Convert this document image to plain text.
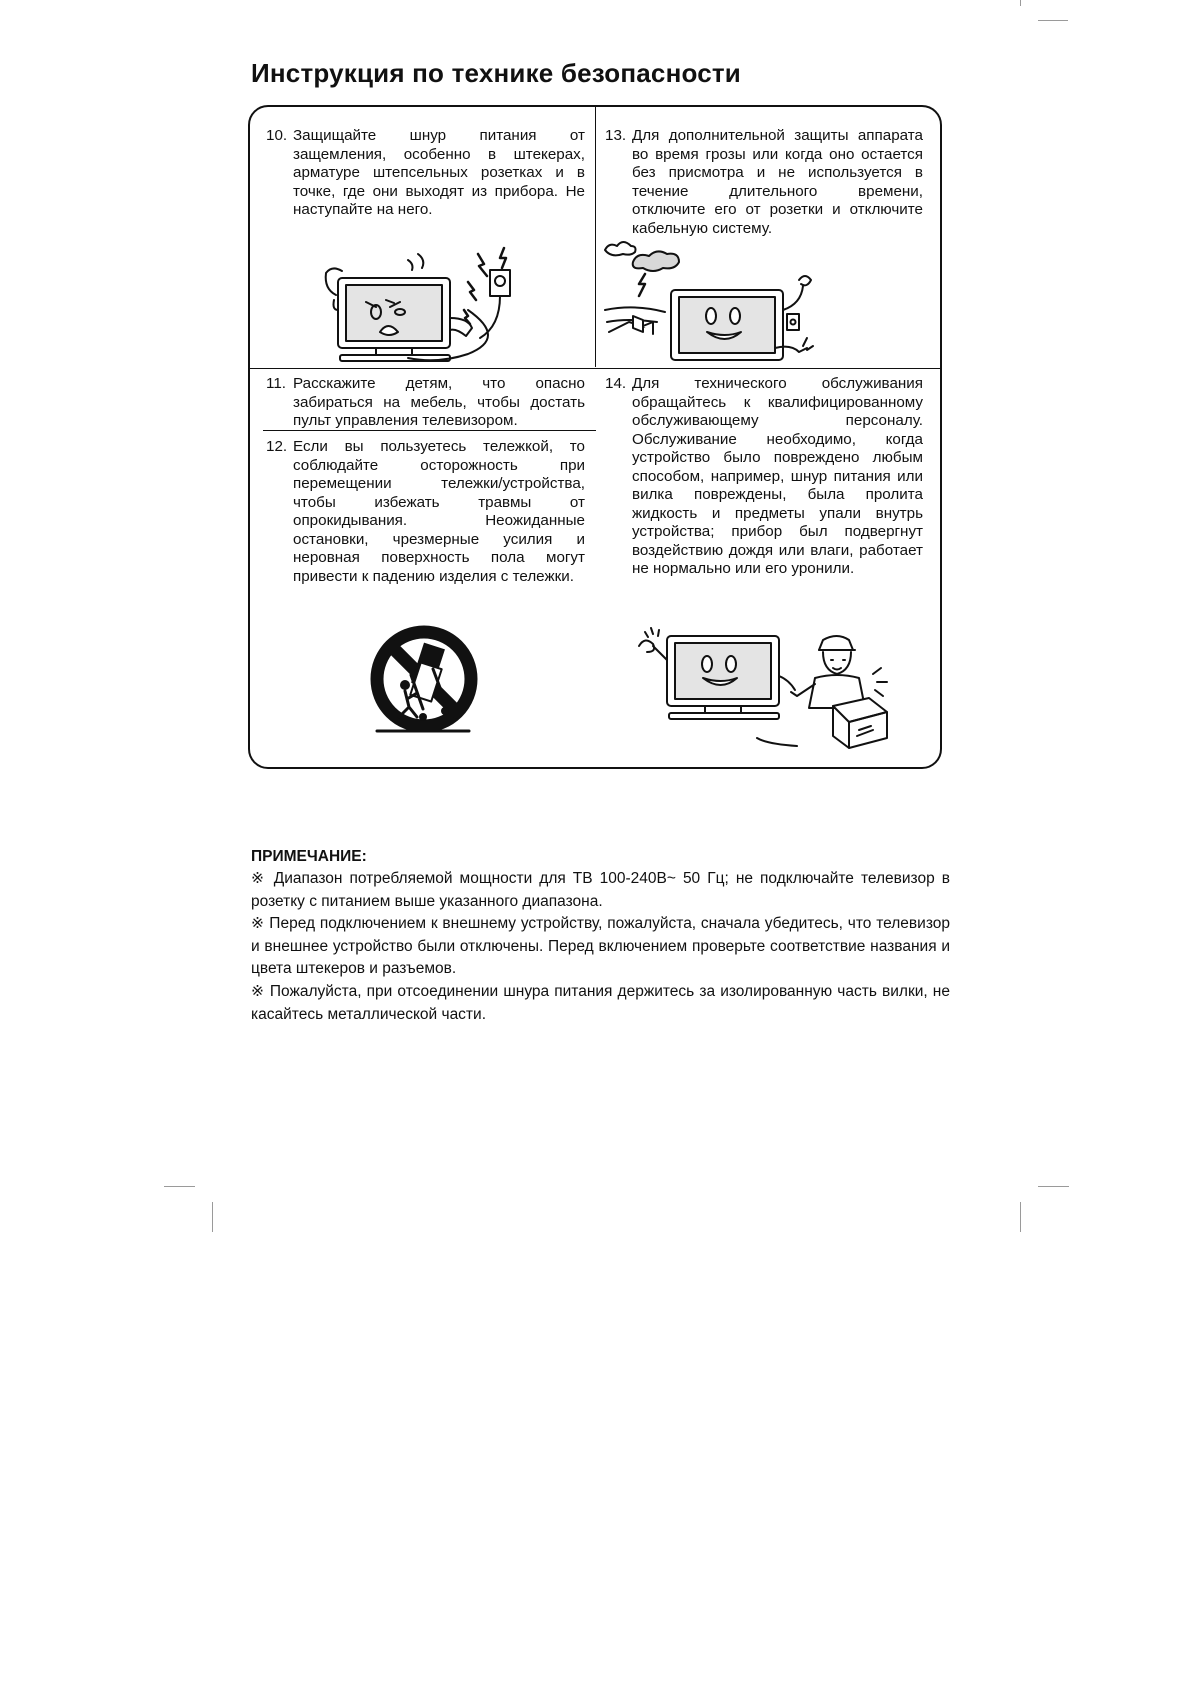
Инструкция по технике безопасности
10. Защищайте шнур питания от защемления, особенно в штекерах, арматуре штепсельных розетках и в точке, где они выходят из прибора. Не наступайте на него.
13. Для дополнительной защиты аппарата во время грозы или когда оно остается без присмотра и не используется в течение длительного времени, отключите его от розетки и отключите кабельную систему.
11. Расскажите детям, что опасно забираться на мебель, чтобы достать пульт управления телевизором.
12. Если вы пользуетесь тележкой, то соблюдайте осторожность при перемещении тележки/устройства, чтобы избежать травмы от опрокидывания. Неожиданные остановки, чрезмерные усилия и неровная поверхность пола могут привести к падению изделия с тележки.
14. Для технического обслуживания обращайтесь к квалифицированному обслуживающему персоналу. Обслуживание необходимо, когда устройство было повреждено любым способом, например, шнур питания или вилка повреждены, была пролита жидкость и предметы упали внутрь устройства; прибор был подвергнут воздействию дождя или влаги, работает не нормально или его уронили.
ПРИМЕЧАНИЕ:
※ Диапазон потребляемой мощности для ТВ 100-240В~ 50 Гц; не подключайте телевизор в розетку с питанием выше указанного диапазона.
※ Перед подключением к внешнему устройству, пожалуйста, сначала убедитесь, что телевизор и внешнее устройство были отключены. Перед включением проверьте соответствие названия и цвета штекеров и разъемов.
※ Пожалуйста, при отсоединении шнура питания держитесь за изолированную часть вилки, не касайтесь металлической части.
